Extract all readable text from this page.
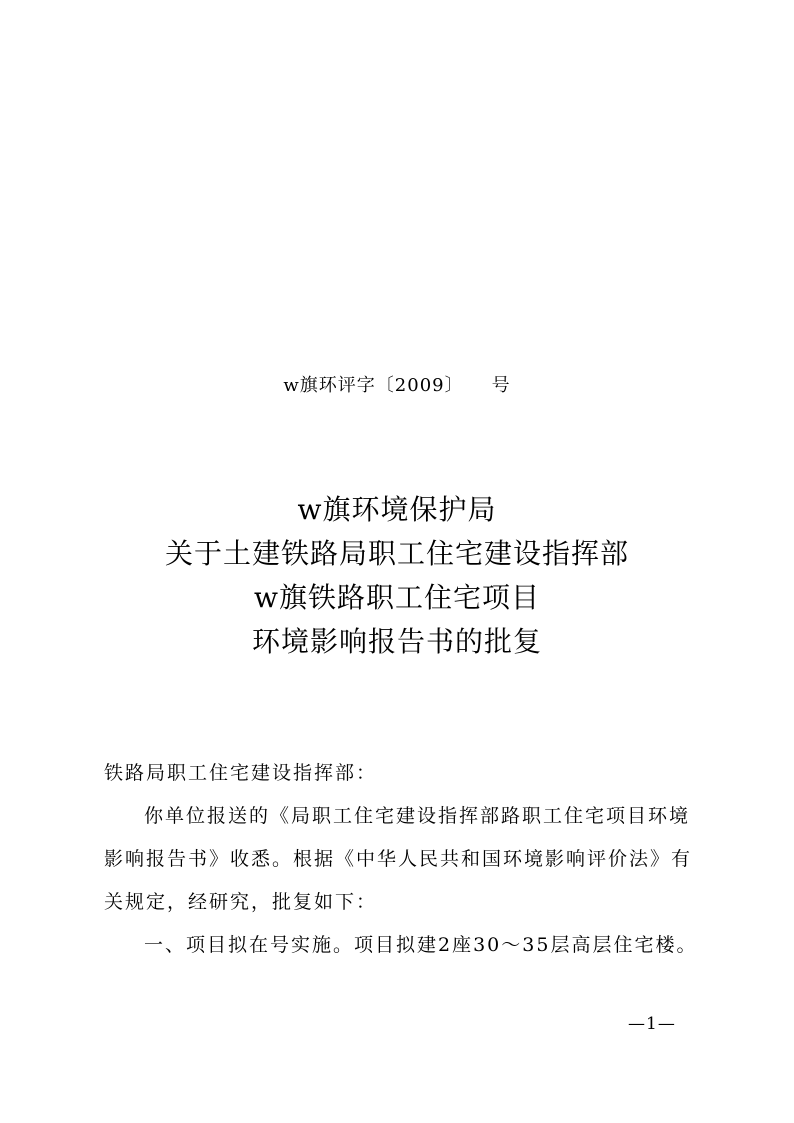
w旗环评字〔2009〕 号
w旗环境保护局
关于土建铁路局职工住宅建设指挥部
w旗铁路职工住宅项目
环境影响报告书的批复

铁路局职工住宅建设指挥部：

你单位报送的《局职工住宅建设指挥部路职工住宅项目环境

影响报告书》收悉。根据《中华人民共和国环境影响评价法》有

关规定，经研究，批复如下：

一、项目拟在号实施。项目拟建2座30～35层高层住宅楼。

—1—
